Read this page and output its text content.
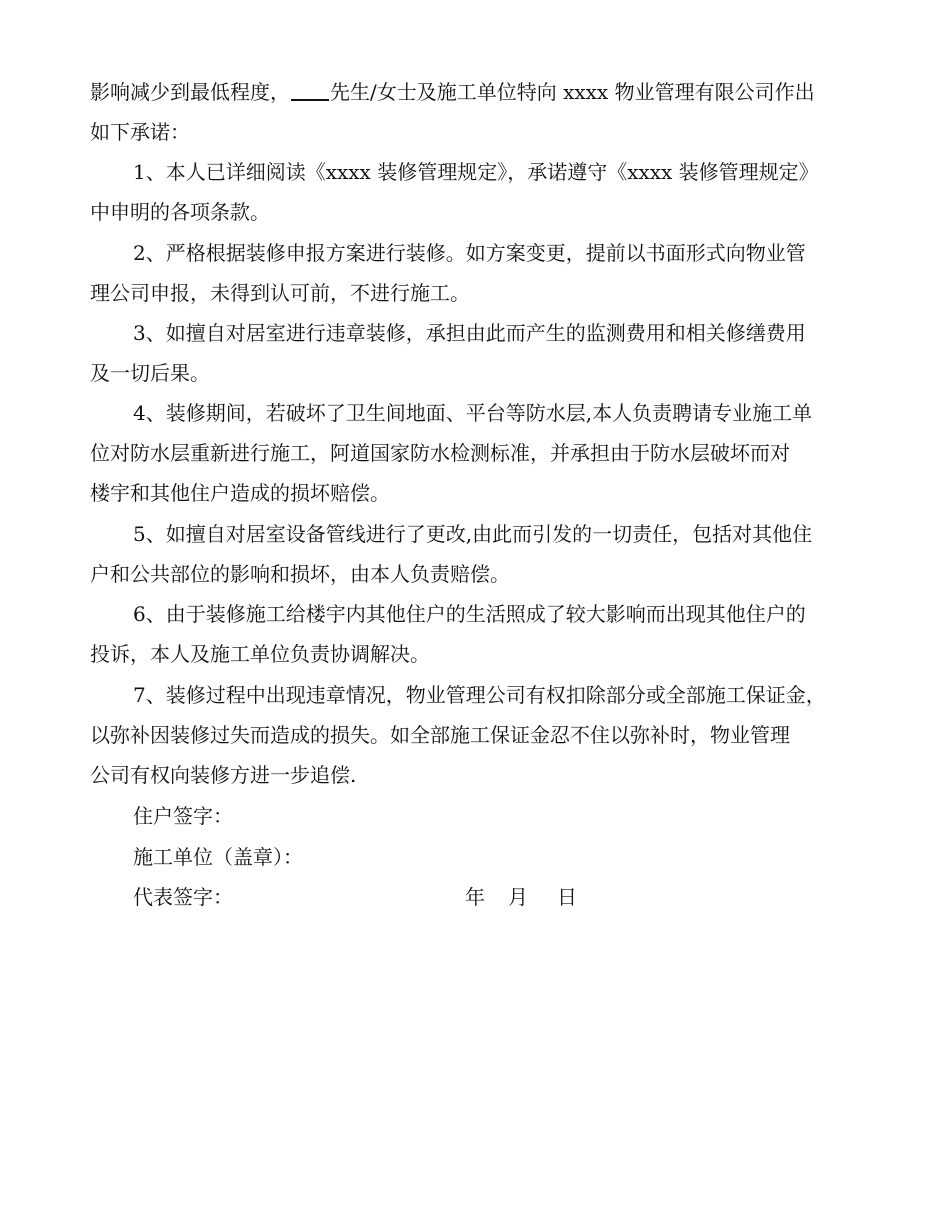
影响减少到最低程度， 先生/女士及施工单位特向 xxxx 物业管理有限公司作出
如下承诺：
1、本人已详细阅读《xxxx 装修管理规定》，承诺遵守《xxxx 装修管理规定》
中申明的各项条款。
2、严格根据装修申报方案进行装修。如方案变更，提前以书面形式向物业管
理公司申报，未得到认可前，不进行施工。
3、如擅自对居室进行违章装修，承担由此而产生的监测费用和相关修缮费用
及一切后果。
4、装修期间，若破坏了卫生间地面、平台等防水层,本人负责聘请专业施工单
位对防水层重新进行施工，阿道国家防水检测标准，并承担由于防水层破坏而对
楼宇和其他住户造成的损坏赔偿。
5、如擅自对居室设备管线进行了更改,由此而引发的一切责任，包括对其他住
户和公共部位的影响和损坏，由本人负责赔偿。
6、由于装修施工给楼宇内其他住户的生活照成了较大影响而出现其他住户的
投诉，本人及施工单位负责协调解决。
7、装修过程中出现违章情况，物业管理公司有权扣除部分或全部施工保证金，
以弥补因装修过失而造成的损失。如全部施工保证金忍不住以弥补时，物业管理
公司有权向装修方进一步追偿.
住户签字：
施工单位（盖章）：
代表签字：	年 月 日
